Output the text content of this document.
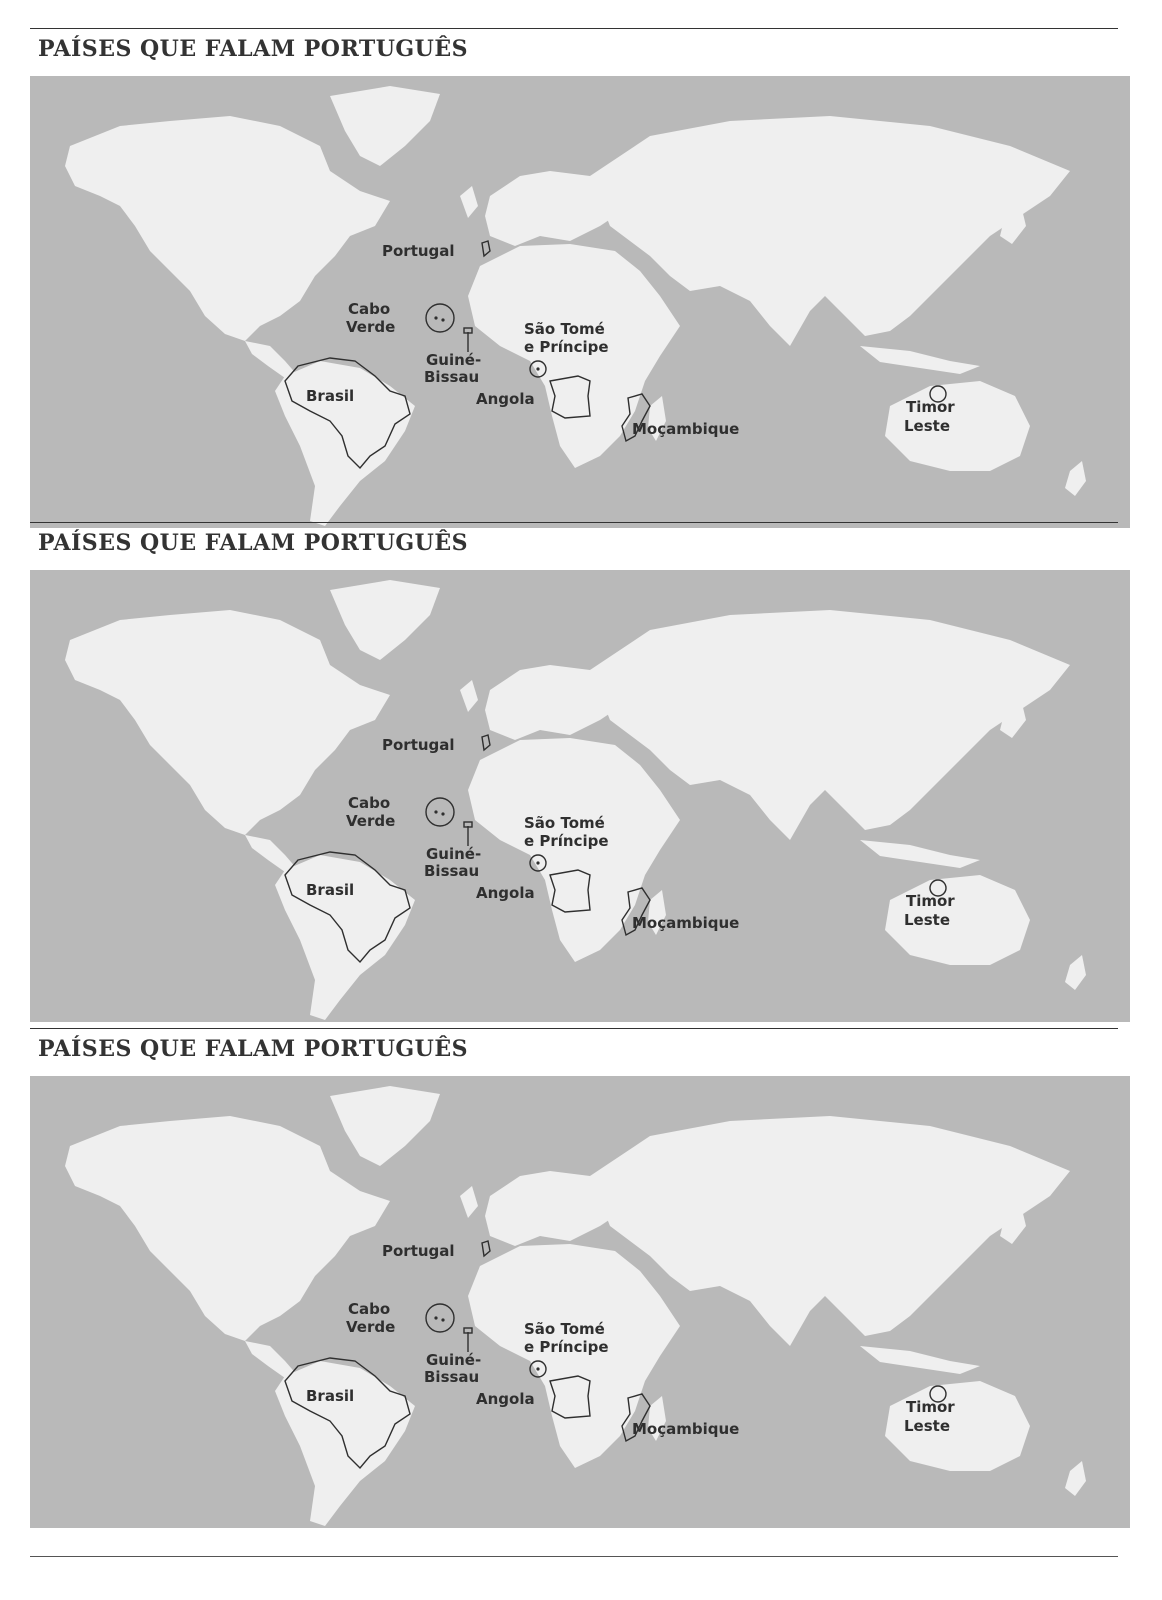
PAÍSES QUE FALAM PORTUGUÊS
Portugal
Cabo
Verde
Guiné-
Bissau
São Tomé
e Príncipe
Brasil	Angola
Moçambique
Timor
Leste
PAÍSES QUE FALAM PORTUGUÊS
Portugal
Cabo
Verde
Guiné-
Bissau
São Tomé
e Príncipe
Brasil	Angola
Moçambique
Timor
Leste
PAÍSES QUE FALAM PORTUGUÊS
Portugal
Cabo
Verde
Guiné-
Bissau
São Tomé
e Príncipe
Brasil	Angola
Moçambique
Timor
Leste
